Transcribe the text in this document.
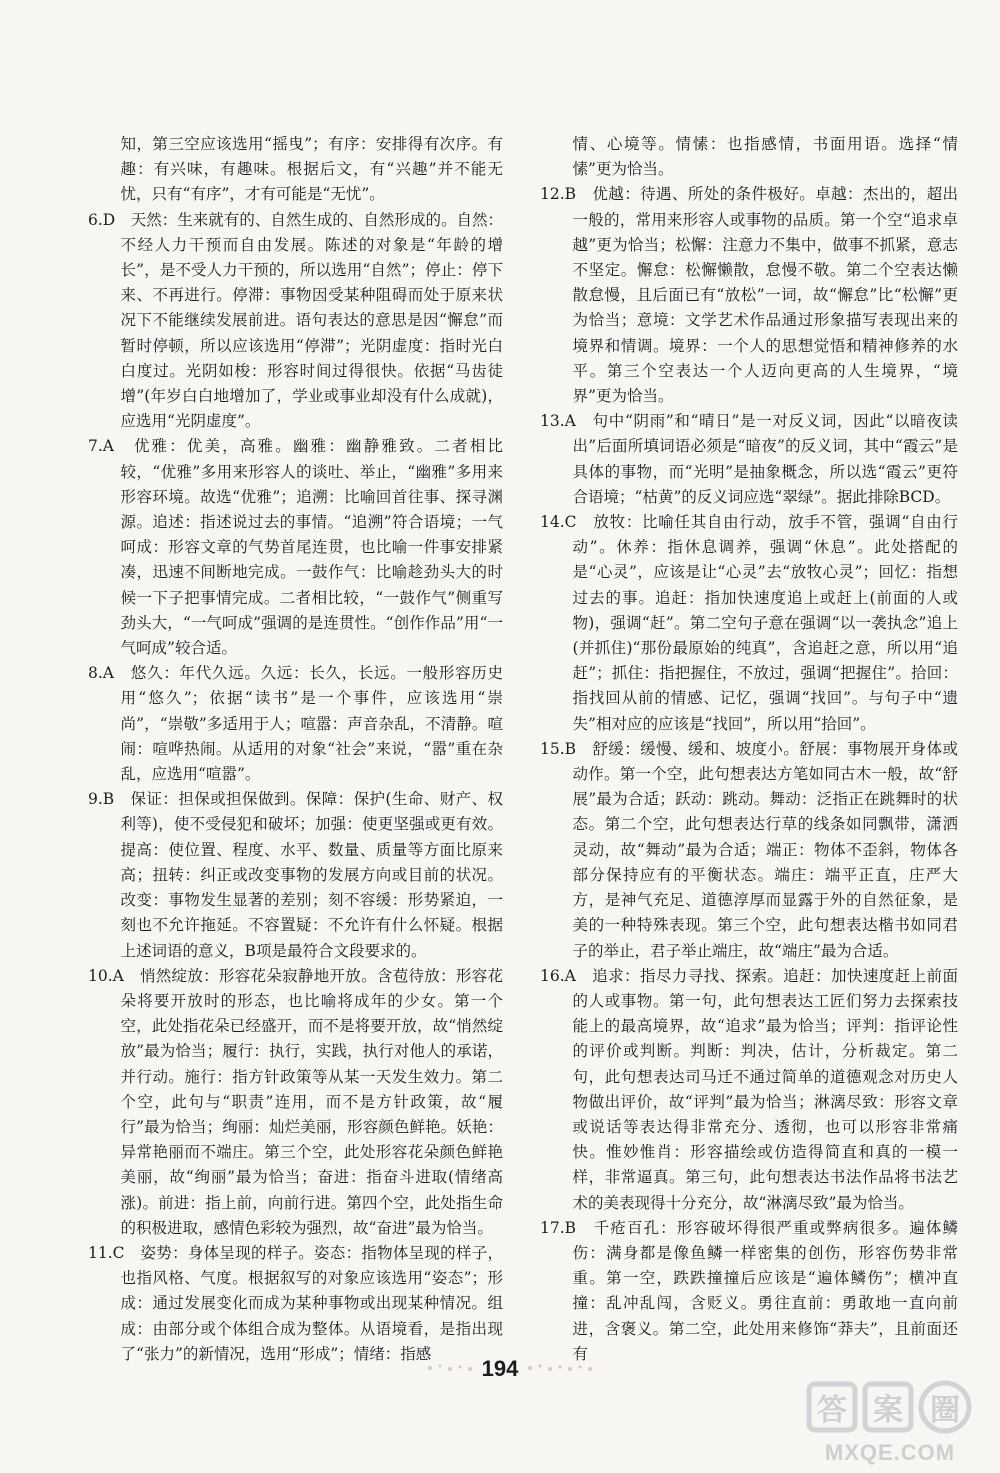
知，第三空应该选用“摇曳”；有序：安排得有次序。有趣：有兴味，有趣味。根据后文，有“兴趣”并不能无忧，只有“有序”，才有可能是“无忧”。

6.D　天然：生来就有的、自然生成的、自然形成的。自然：不经人力干预而自由发展。陈述的对象是“年龄的增长”，是不受人力干预的，所以选用“自然”；停止：停下来、不再进行。停滞：事物因受某种阻碍而处于原来状况下不能继续发展前进。语句表达的意思是因“懈怠”而暂时停顿，所以应该选用“停滞”；光阴虚度：指时光白白度过。光阴如梭：形容时间过得很快。依据“马齿徒增”(年岁白白地增加了，学业或事业却没有什么成就)，应选用“光阴虚度”。

7.A　优雅：优美，高雅。幽雅：幽静雅致。二者相比较，“优雅”多用来形容人的谈吐、举止，“幽雅”多用来形容环境。故选“优雅”；追溯：比喻回首往事、探寻渊源。追述：指述说过去的事情。“追溯”符合语境；一气呵成：形容文章的气势首尾连贯，也比喻一件事安排紧凑，迅速不间断地完成。一鼓作气：比喻趁劲头大的时候一下子把事情完成。二者相比较，“一鼓作气”侧重写劲头大，“一气呵成”强调的是连贯性。“创作作品”用“一气呵成”较合适。

8.A　悠久：年代久远。久远：长久，长远。一般形容历史用“悠久”；依据“读书”是一个事件，应该选用“崇尚”，“崇敬”多适用于人；喧嚣：声音杂乱，不清静。喧闹：喧哗热闹。从适用的对象“社会”来说，“嚣”重在杂乱，应选用“喧嚣”。

9.B　保证：担保或担保做到。保障：保护(生命、财产、权利等)，使不受侵犯和破坏；加强：使更坚强或更有效。提高：使位置、程度、水平、数量、质量等方面比原来高；扭转：纠正或改变事物的发展方向或目前的状况。改变：事物发生显著的差别；刻不容缓：形势紧迫，一刻也不允许拖延。不容置疑：不允许有什么怀疑。根据上述词语的意义，B项是最符合文段要求的。

10.A　悄然绽放：形容花朵寂静地开放。含苞待放：形容花朵将要开放时的形态，也比喻将成年的少女。第一个空，此处指花朵已经盛开，而不是将要开放，故“悄然绽放”最为恰当；履行：执行，实践，执行对他人的承诺，并行动。施行：指方针政策等从某一天发生效力。第二个空，此句与“职责”连用，而不是方针政策，故“履行”最为恰当；绚丽：灿烂美丽，形容颜色鲜艳。妖艳：异常艳丽而不端庄。第三个空，此处形容花朵颜色鲜艳美丽，故“绚丽”最为恰当；奋进：指奋斗进取(情绪高涨)。前进：指上前，向前行进。第四个空，此处指生命的积极进取，感情色彩较为强烈，故“奋进”最为恰当。

11.C　姿势：身体呈现的样子。姿态：指物体呈现的样子，也指风格、气度。根据叙写的对象应该选用“姿态”；形成：通过发展变化而成为某种事物或出现某种情况。组成：由部分或个体组合成为整体。从语境看，是指出现了“张力”的新情况，选用“形成”；情绪：指感

情、心境等。情愫：也指感情，书面用语。选择“情愫”更为恰当。

12.B　优越：待遇、所处的条件极好。卓越：杰出的，超出一般的，常用来形容人或事物的品质。第一个空“追求卓越”更为恰当；松懈：注意力不集中，做事不抓紧，意志不坚定。懈怠：松懈懒散，怠慢不敬。第二个空表达懒散怠慢，且后面已有“放松”一词，故“懈怠”比“松懈”更为恰当；意境：文学艺术作品通过形象描写表现出来的境界和情调。境界：一个人的思想觉悟和精神修养的水平。第三个空表达一个人迈向更高的人生境界，“境界”更为恰当。

13.A　句中“阴雨”和“晴日”是一对反义词，因此“以暗夜读出”后面所填词语必须是“暗夜”的反义词，其中“霞云”是具体的事物，而“光明”是抽象概念，所以选“霞云”更符合语境；“枯黄”的反义词应选“翠绿”。据此排除BCD。

14.C　放牧：比喻任其自由行动，放手不管，强调“自由行动”。休养：指休息调养，强调“休息”。此处搭配的是“心灵”，应该是让“心灵”去“放牧心灵”；回忆：指想过去的事。追赶：指加快速度追上或赶上(前面的人或物)，强调“赶”。第二空句子意在强调“以一袭执念”追上(并抓住)“那份最原始的纯真”，含追赶之意，所以用“追赶”；抓住：指把握住，不放过，强调“把握住”。拾回：指找回从前的情感、记忆，强调“找回”。与句子中“遗失”相对应的应该是“找回”，所以用“拾回”。

15.B　舒缓：缓慢、缓和、坡度小。舒展：事物展开身体或动作。第一个空，此句想表达方笔如同古木一般，故“舒展”最为合适；跃动：跳动。舞动：泛指正在跳舞时的状态。第二个空，此句想表达行草的线条如同飘带，潇洒灵动，故“舞动”最为合适；端正：物体不歪斜，物体各部分保持应有的平衡状态。端庄：端平正直，庄严大方，是神气充足、道德淳厚而显露于外的自然征象，是美的一种特殊表现。第三个空，此句想表达楷书如同君子的举止，君子举止端庄，故“端庄”最为合适。

16.A　追求：指尽力寻找、探索。追赶：加快速度赶上前面的人或事物。第一句，此句想表达工匠们努力去探索技能上的最高境界，故“追求”最为恰当；评判：指评论性的评价或判断。判断：判决，估计，分析裁定。第二句，此句想表达司马迁不通过简单的道德观念对历史人物做出评价，故“评判”最为恰当；淋漓尽致：形容文章或说话等表达得非常充分、透彻，也可以形容非常痛快。惟妙惟肖：形容描绘或仿造得简直和真的一模一样，非常逼真。第三句，此句想表达书法作品将书法艺术的美表现得十分充分，故“淋漓尽致”最为恰当。

17.B　千疮百孔：形容破坏得很严重或弊病很多。遍体鳞伤：满身都是像鱼鳞一样密集的创伤，形容伤势非常重。第一空，跌跌撞撞后应该是“遍体鳞伤”；横冲直撞：乱冲乱闯，含贬义。勇往直前：勇敢地一直向前进，含褒义。第二空，此处用来修饰“莽夫”，且前面还有

194
答 案 圈
MXQE.COM
